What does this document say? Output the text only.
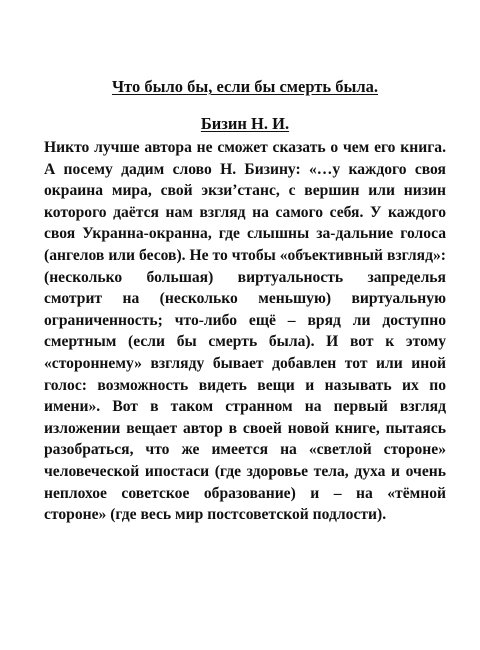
Что было бы, если бы смерть была.
Бизин Н. И.

Никто лучше автора не сможет сказать о чем его книга. А посему дадим слово Н. Бизину: «…у каждого своя окраина мира, свой экзи’станс, с вершин или низин которого даётся нам взгляд на самого себя. У каждого своя Укранна-окранна, где слышны за-дальние голоса (ангелов или бесов). Не то чтобы «объективный взгляд»: (несколько большая) виртуальность запределья смотрит на (несколько меньшую) виртуальную ограниченность; что-либо ещё – вряд ли доступно смертным (если бы смерть была). И вот к этому «стороннему» взгляду бывает добавлен тот или иной голос: возможность видеть вещи и называть их по имени». Вот в таком странном на первый взгляд изложении вещает автор в своей новой книге, пытаясь разобраться, что же имеется на «светлой стороне» человеческой ипостаси (где здоровье тела, духа и очень неплохое советское образование) и – на «тёмной стороне» (где весь мир постсоветской подлости).
